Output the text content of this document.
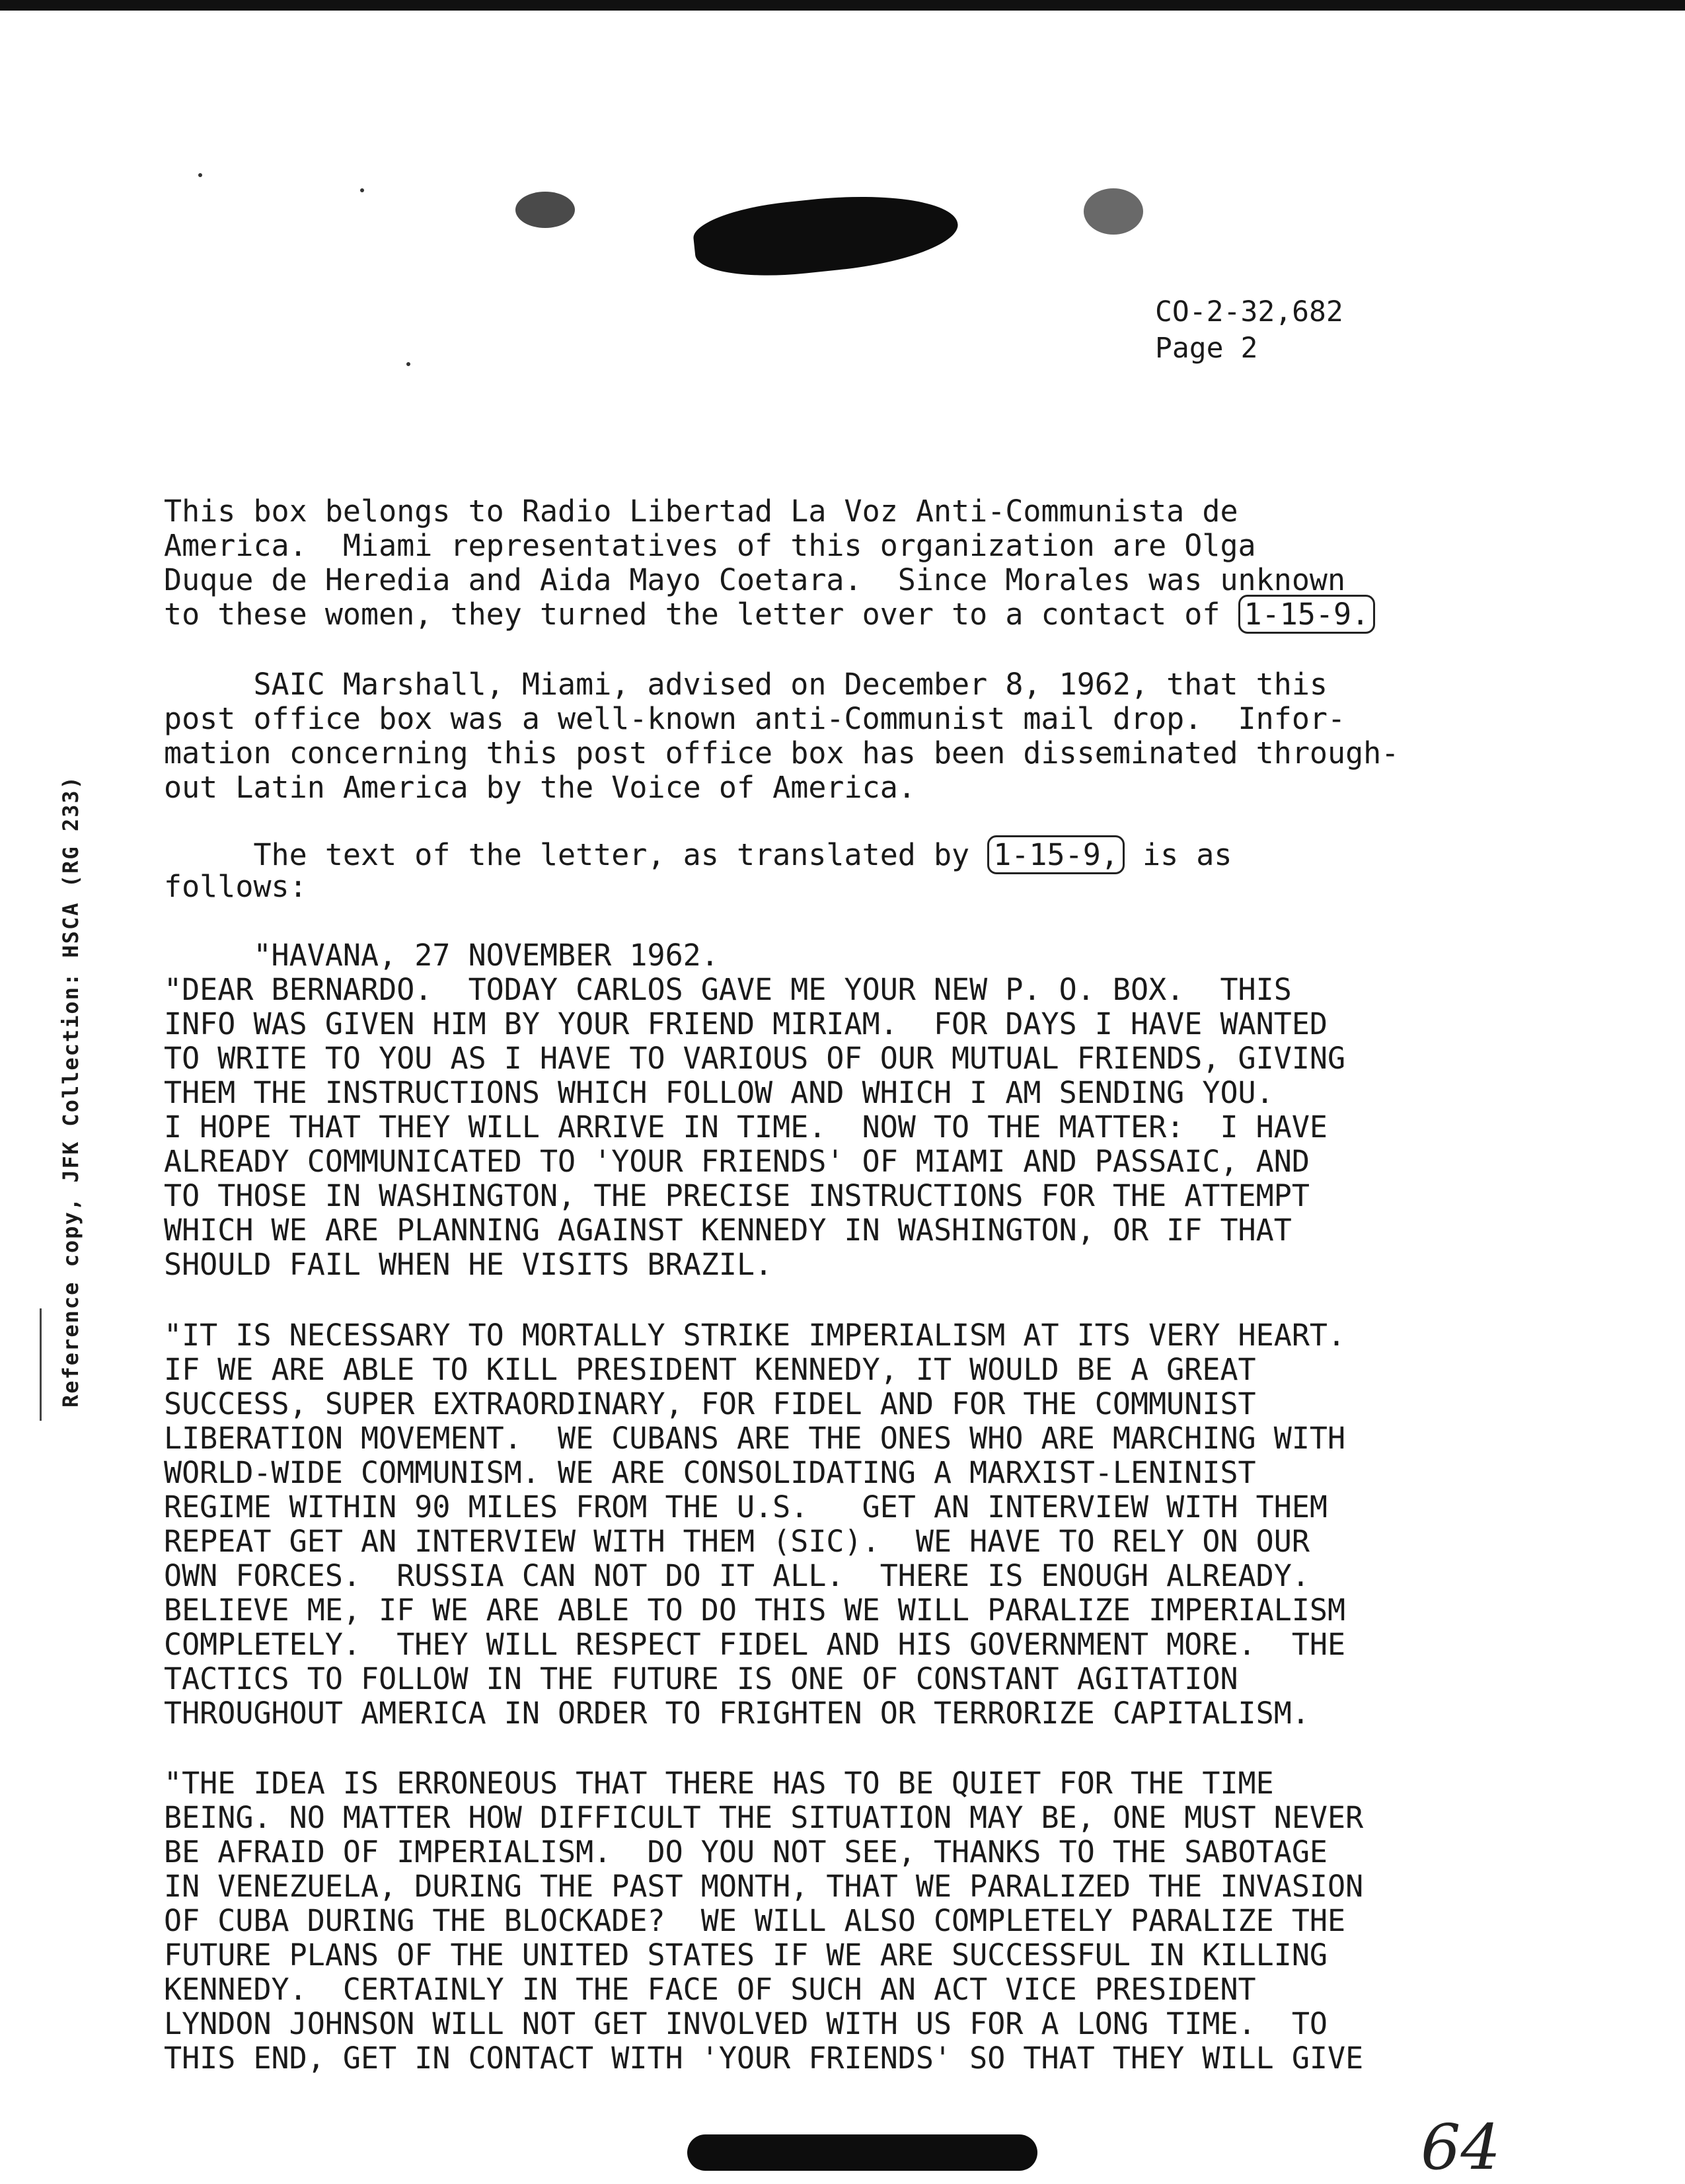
Reference copy, JFK Collection: HSCA (RG 233)
CO-2-32,682
Page 2
This box belongs to Radio Libertad La Voz Anti-Communista de
America.  Miami representatives of this organization are Olga
Duque de Heredia and Aida Mayo Coetara.  Since Morales was unknown
to these women, they turned the letter over to a contact of 1-15-9.
SAIC Marshall, Miami, advised on December 8, 1962, that this
post office box was a well-known anti-Communist mail drop.  Infor-
mation concerning this post office box has been disseminated through-
out Latin America by the Voice of America.
The text of the letter, as translated by 1-15-9, is as
follows:
"HAVANA, 27 NOVEMBER 1962.
"DEAR BERNARDO.  TODAY CARLOS GAVE ME YOUR NEW P. O. BOX.  THIS
INFO WAS GIVEN HIM BY YOUR FRIEND MIRIAM.  FOR DAYS I HAVE WANTED
TO WRITE TO YOU AS I HAVE TO VARIOUS OF OUR MUTUAL FRIENDS, GIVING
THEM THE INSTRUCTIONS WHICH FOLLOW AND WHICH I AM SENDING YOU.
I HOPE THAT THEY WILL ARRIVE IN TIME.  NOW TO THE MATTER:  I HAVE
ALREADY COMMUNICATED TO 'YOUR FRIENDS' OF MIAMI AND PASSAIC, AND
TO THOSE IN WASHINGTON, THE PRECISE INSTRUCTIONS FOR THE ATTEMPT
WHICH WE ARE PLANNING AGAINST KENNEDY IN WASHINGTON, OR IF THAT
SHOULD FAIL WHEN HE VISITS BRAZIL.
"IT IS NECESSARY TO MORTALLY STRIKE IMPERIALISM AT ITS VERY HEART.
IF WE ARE ABLE TO KILL PRESIDENT KENNEDY, IT WOULD BE A GREAT
SUCCESS, SUPER EXTRAORDINARY, FOR FIDEL AND FOR THE COMMUNIST
LIBERATION MOVEMENT.  WE CUBANS ARE THE ONES WHO ARE MARCHING WITH
WORLD-WIDE COMMUNISM. WE ARE CONSOLIDATING A MARXIST-LENINIST
REGIME WITHIN 90 MILES FROM THE U.S.   GET AN INTERVIEW WITH THEM
REPEAT GET AN INTERVIEW WITH THEM (SIC).  WE HAVE TO RELY ON OUR
OWN FORCES.  RUSSIA CAN NOT DO IT ALL.  THERE IS ENOUGH ALREADY.
BELIEVE ME, IF WE ARE ABLE TO DO THIS WE WILL PARALIZE IMPERIALISM
COMPLETELY.  THEY WILL RESPECT FIDEL AND HIS GOVERNMENT MORE.  THE
TACTICS TO FOLLOW IN THE FUTURE IS ONE OF CONSTANT AGITATION
THROUGHOUT AMERICA IN ORDER TO FRIGHTEN OR TERRORIZE CAPITALISM.
"THE IDEA IS ERRONEOUS THAT THERE HAS TO BE QUIET FOR THE TIME
BEING. NO MATTER HOW DIFFICULT THE SITUATION MAY BE, ONE MUST NEVER
BE AFRAID OF IMPERIALISM.  DO YOU NOT SEE, THANKS TO THE SABOTAGE
IN VENEZUELA, DURING THE PAST MONTH, THAT WE PARALIZED THE INVASION
OF CUBA DURING THE BLOCKADE?  WE WILL ALSO COMPLETELY PARALIZE THE
FUTURE PLANS OF THE UNITED STATES IF WE ARE SUCCESSFUL IN KILLING
KENNEDY.  CERTAINLY IN THE FACE OF SUCH AN ACT VICE PRESIDENT
LYNDON JOHNSON WILL NOT GET INVOLVED WITH US FOR A LONG TIME.  TO
THIS END, GET IN CONTACT WITH 'YOUR FRIENDS' SO THAT THEY WILL GIVE
64
